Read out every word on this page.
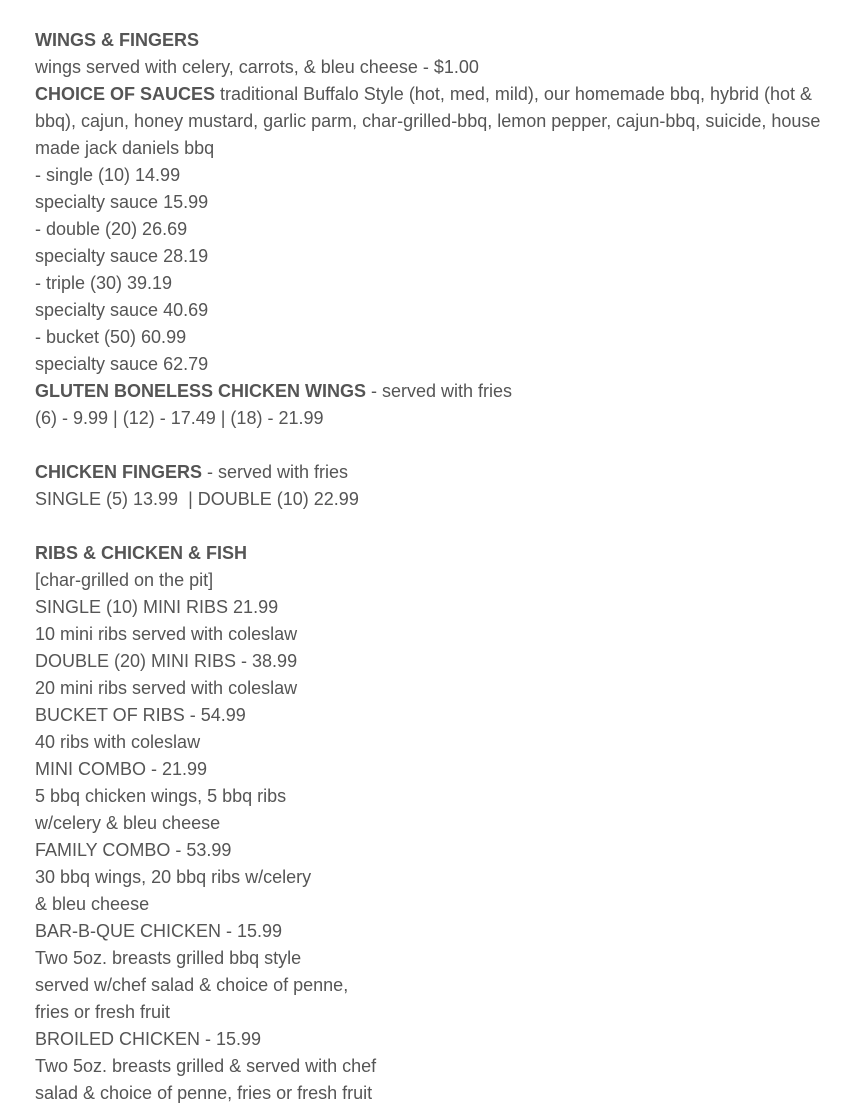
WINGS & FINGERS
wings served with celery, carrots, & bleu cheese - $1.00
CHOICE OF SAUCES traditional Buffalo Style (hot, med, mild), our homemade bbq, hybrid (hot & bbq), cajun, honey mustard, garlic parm, char-grilled-bbq, lemon pepper, cajun-bbq, suicide, house made jack daniels bbq
- single (10) 14.99
specialty sauce 15.99
- double (20) 26.69
specialty sauce 28.19
- triple (30) 39.19
specialty sauce 40.69
- bucket (50) 60.99
specialty sauce 62.79
GLUTEN BONELESS CHICKEN WINGS - served with fries
(6) - 9.99 | (12) - 17.49 | (18) - 21.99
CHICKEN FINGERS - served with fries
SINGLE (5) 13.99  | DOUBLE (10) 22.99
RIBS & CHICKEN & FISH
[char-grilled on the pit]
SINGLE (10) MINI RIBS 21.99
10 mini ribs served with coleslaw
DOUBLE (20) MINI RIBS - 38.99
20 mini ribs served with coleslaw
BUCKET OF RIBS - 54.99
40 ribs with coleslaw
MINI COMBO - 21.99
5 bbq chicken wings, 5 bbq ribs
w/celery & bleu cheese
FAMILY COMBO - 53.99
30 bbq wings, 20 bbq ribs w/celery
& bleu cheese
BAR-B-QUE CHICKEN - 15.99
Two 5oz. breasts grilled bbq style
served w/chef salad & choice of penne,
fries or fresh fruit
BROILED CHICKEN - 15.99
Two 5oz. breasts grilled & served with chef
salad & choice of penne, fries or fresh fruit
